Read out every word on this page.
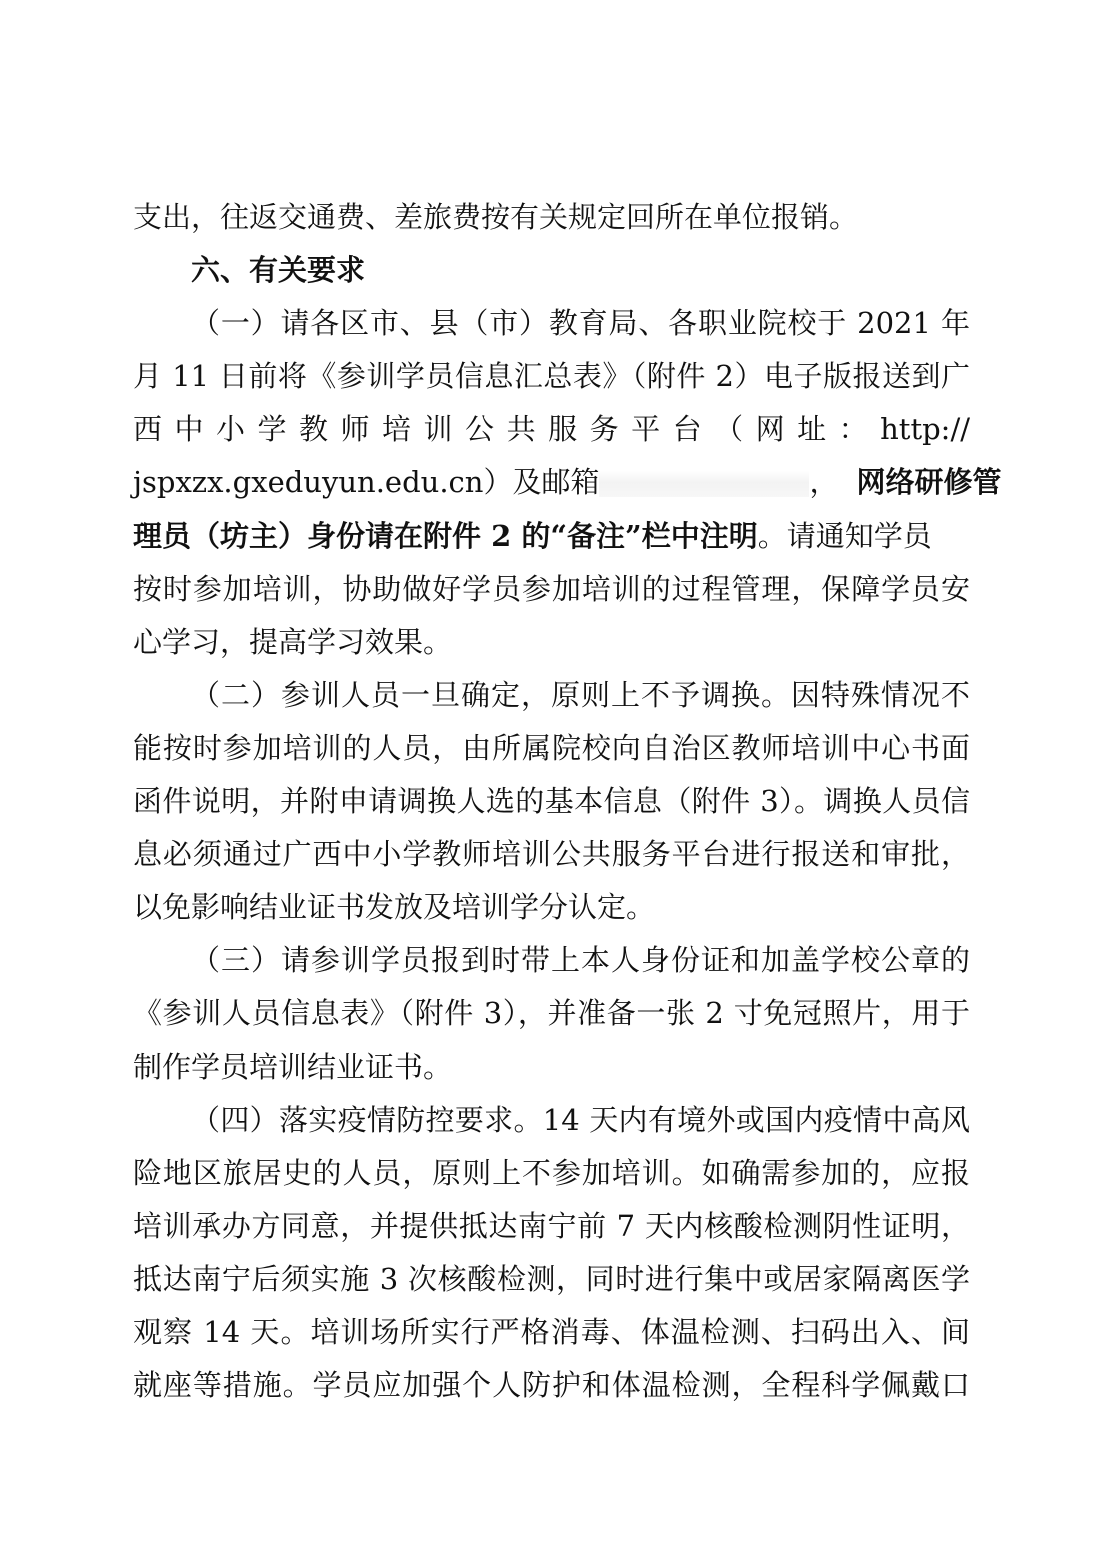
支出，往返交通费、差旅费按有关规定回所在单位报销。
六、有关要求
（一）请各区市、县（市）教育局、各职业院校于 2021 年
月 11 日前将《参训学员信息汇总表》（附件 2）电子版报送到广
西 中 小 学 教 师 培 训 公 共 服 务 平 台 （ 网 址 ： http://
jspxzx.gxeduyun.edu.cn）及邮箱	， 网络研修管
理员（坊主）身份请在附件 2 的“备注”栏中注明。请通知学员
按时参加培训，协助做好学员参加培训的过程管理，保障学员安
心学习，提高学习效果。
（二）参训人员一旦确定，原则上不予调换。因特殊情况不
能按时参加培训的人员，由所属院校向自治区教师培训中心书面
函件说明，并附申请调换人选的基本信息（附件 3）。调换人员信
息必须通过广西中小学教师培训公共服务平台进行报送和审批，
以免影响结业证书发放及培训学分认定。
（三）请参训学员报到时带上本人身份证和加盖学校公章的
《参训人员信息表》（附件 3），并准备一张 2 寸免冠照片，用于
制作学员培训结业证书。
（四）落实疫情防控要求。14 天内有境外或国内疫情中高风
险地区旅居史的人员，原则上不参加培训。如确需参加的，应报
培训承办方同意，并提供抵达南宁前 7 天内核酸检测阴性证明，
抵达南宁后须实施 3 次核酸检测，同时进行集中或居家隔离医学
观察 14 天。培训场所实行严格消毒、体温检测、扫码出入、间
就座等措施。学员应加强个人防护和体温检测，全程科学佩戴口
